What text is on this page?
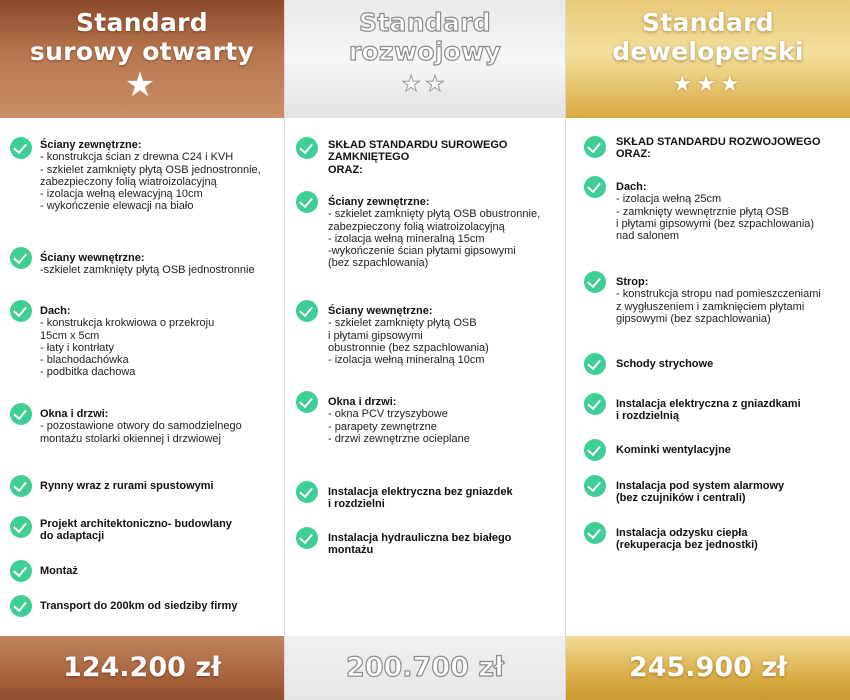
Standard
surowy otwarty
★
Ściany zewnętrzne:
- konstrukcja ścian z drewna C24 i KVH
- szkielet zamknięty płytą OSB jednostronnie,
zabezpieczony folią wiatroizolacyjną
- izolacja wełną elewacyjną 10cm
- wykończenie elewacji na biało
Ściany wewnętrzne:
-szkielet zamknięty płytą OSB jednostronnie
Dach:
- konstrukcja krokwiowa o przekroju
15cm x 5cm
- łaty i kontrłaty
- blachodachówka
- podbitka dachowa
Okna i drzwi:
- pozostawione otwory do samodzielnego
montażu stolarki okiennej i drzwiowej
Rynny wraz z rurami spustowymi
Projekt architektoniczno- budowlany
do adaptacji
Montaż
Transport do 200km od siedziby firmy
124.200 zł
Standard
rozwojowy
★★
SKŁAD STANDARDU SUROWEGO
ZAMKNIĘTEGO
ORAZ:
Ściany zewnętrzne:
- szkielet zamknięty płytą OSB obustronnie,
zabezpieczony folią wiatroizolacyjną
- izolacja wełną mineralną 15cm
-wykończenie ścian płytami gipsowymi
(bez szpachlowania)
Ściany wewnętrzne:
- szkielet zamknięty płytą OSB
i płytami gipsowymi
obustronnie (bez szpachlowania)
- izolacja wełną mineralną 10cm
Okna i drzwi:
- okna PCV trzyszybowe
- parapety zewnętrzne
- drzwi zewnętrzne ocieplane
Instalacja elektryczna bez gniazdek
i rozdzielni
Instalacja hydrauliczna bez białego
montażu
200.700 zł
Standard
deweloperski
★★★
SKŁAD STANDARDU ROZWOJOWEGO
ORAZ:
Dach:
- izolacja wełną 25cm
- zamknięty wewnętrznie płytą OSB
i płytami gipsowymi (bez szpachlowania)
nad salonem
Strop:
- konstrukcja stropu nad pomieszczeniami
z wygłuszeniem i zamknięciem płytami
gipsowymi (bez szpachlowania)
Schody strychowe
Instalacja elektryczna z gniazdkami
i rozdzielnią
Kominki wentylacyjne
Instalacja pod system alarmowy
(bez czujników i centrali)
Instalacja odzysku ciepła
(rekuperacja bez jednostki)
245.900 zł
